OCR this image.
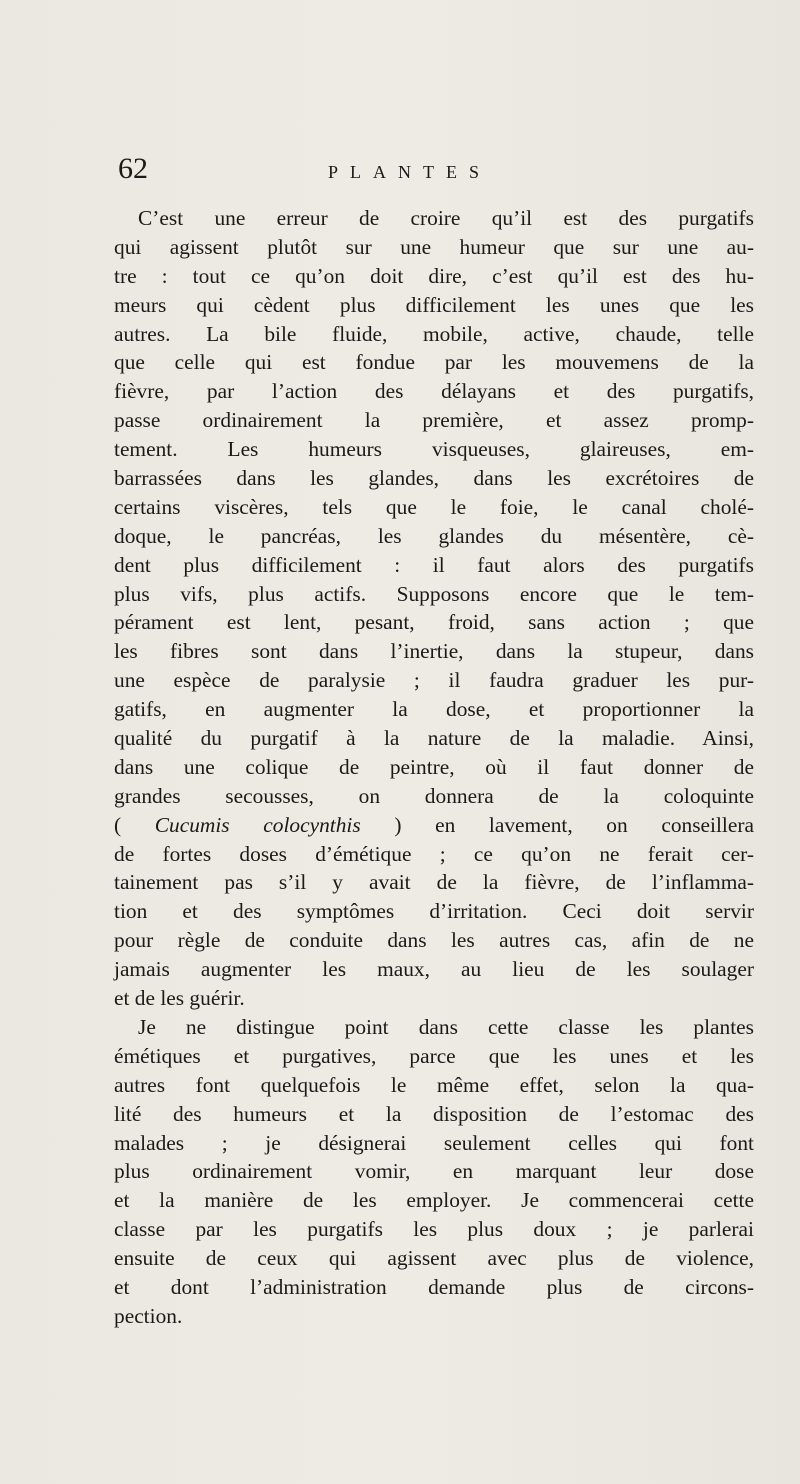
62	PLANTES
C’est une erreur de croire qu’il est des purgatifs
qui agissent plutôt sur une humeur que sur une au-
tre : tout ce qu’on doit dire, c’est qu’il est des hu-
meurs qui cèdent plus difficilement les unes que les
autres. La bile fluide, mobile, active, chaude, telle
que celle qui est fondue par les mouvemens de la
fièvre, par l’action des délayans et des purgatifs,
passe ordinairement la première, et assez promp-
tement. Les humeurs visqueuses, glaireuses, em-
barrassées dans les glandes, dans les excrétoires de
certains viscères, tels que le foie, le canal cholé-
doque, le pancréas, les glandes du mésentère, cè-
dent plus difficilement : il faut alors des purgatifs
plus vifs, plus actifs. Supposons encore que le tem-
pérament est lent, pesant, froid, sans action ; que
les fibres sont dans l’inertie, dans la stupeur, dans
une espèce de paralysie ; il faudra graduer les pur-
gatifs, en augmenter la dose, et proportionner la
qualité du purgatif à la nature de la maladie. Ainsi,
dans une colique de peintre, où il faut donner de
grandes secousses, on donnera de la coloquinte
( Cucumis colocynthis ) en lavement, on conseillera
de fortes doses d’émétique ; ce qu’on ne ferait cer-
tainement pas s’il y avait de la fièvre, de l’inflamma-
tion et des symptômes d’irritation. Ceci doit servir
pour règle de conduite dans les autres cas, afin de ne
jamais augmenter les maux, au lieu de les soulager
et de les guérir.
Je ne distingue point dans cette classe les plantes
émétiques et purgatives, parce que les unes et les
autres font quelquefois le même effet, selon la qua-
lité des humeurs et la disposition de l’estomac des
malades ; je désignerai seulement celles qui font
plus ordinairement vomir, en marquant leur dose
et la manière de les employer. Je commencerai cette
classe par les purgatifs les plus doux ; je parlerai
ensuite de ceux qui agissent avec plus de violence,
et dont l’administration demande plus de circons-
pection.
